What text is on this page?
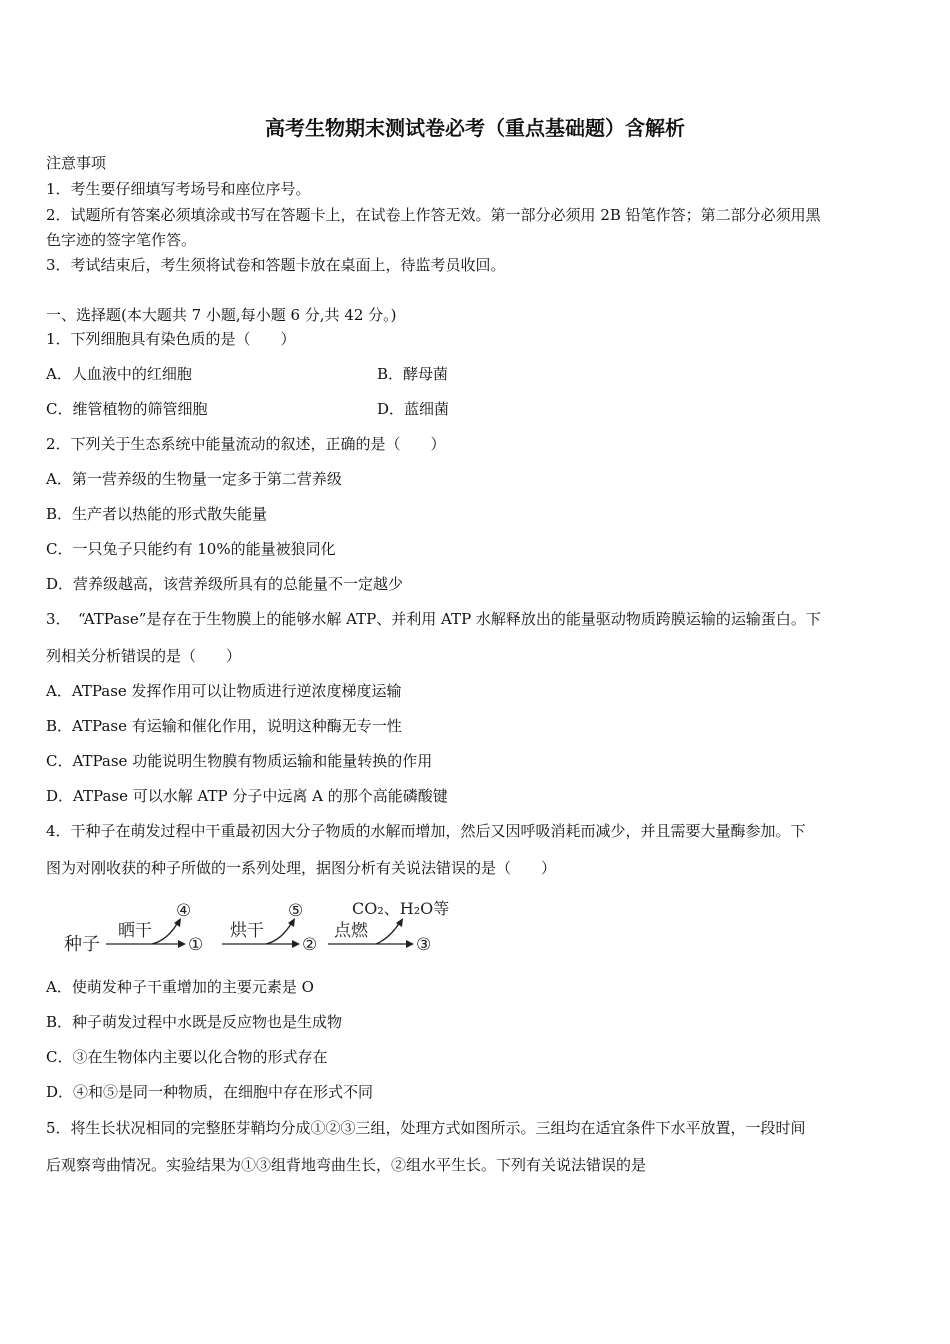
高考生物期末测试卷必考（重点基础题）含解析
注意事项
1．考生要仔细填写考场号和座位序号。
2．试题所有答案必须填涂或书写在答题卡上，在试卷上作答无效。第一部分必须用 2B 铅笔作答；第二部分必须用黑
色字迹的签字笔作答。
3．考试结束后，考生须将试卷和答题卡放在桌面上，待监考员收回。
一、选择题(本大题共 7 小题,每小题 6 分,共 42 分。)
1．下列细胞具有染色质的是（　　）
A．人血液中的红细胞	B．酵母菌
C．维管植物的筛管细胞	D．蓝细菌
2．下列关于生态系统中能量流动的叙述，正确的是（　　）
A．第一营养级的生物量一定多于第二营养级
B．生产者以热能的形式散失能量
C．一只兔子只能约有 10%的能量被狼同化
D．营养级越高，该营养级所具有的总能量不一定越少
3．　“ATPase”是存在于生物膜上的能够水解 ATP、并利用 ATP 水解释放出的能量驱动物质跨膜运输的运输蛋白。下
列相关分析错误的是（　　）
A．ATPase 发挥作用可以让物质进行逆浓度梯度运输
B．ATPase 有运输和催化作用，说明这种酶无专一性
C．ATPase 功能说明生物膜有物质运输和能量转换的作用
D．ATPase 可以水解 ATP 分子中远离 A 的那个高能磷酸键
4．干种子在萌发过程中干重最初因大分子物质的水解而增加，然后又因呼吸消耗而减少，并且需要大量酶参加。下
图为对刚收获的种子所做的一系列处理，据图分析有关说法错误的是（　　）
种子
晒干
④
①
烘干
⑤
②
点燃
CO₂、H₂O等
③
A．使萌发种子干重增加的主要元素是 O
B．种子萌发过程中水既是反应物也是生成物
C．③在生物体内主要以化合物的形式存在
D．④和⑤是同一种物质，在细胞中存在形式不同
5．将生长状况相同的完整胚芽鞘均分成①②③三组，处理方式如图所示。三组均在适宜条件下水平放置，一段时间
后观察弯曲情况。实验结果为①③组背地弯曲生长，②组水平生长。下列有关说法错误的是
